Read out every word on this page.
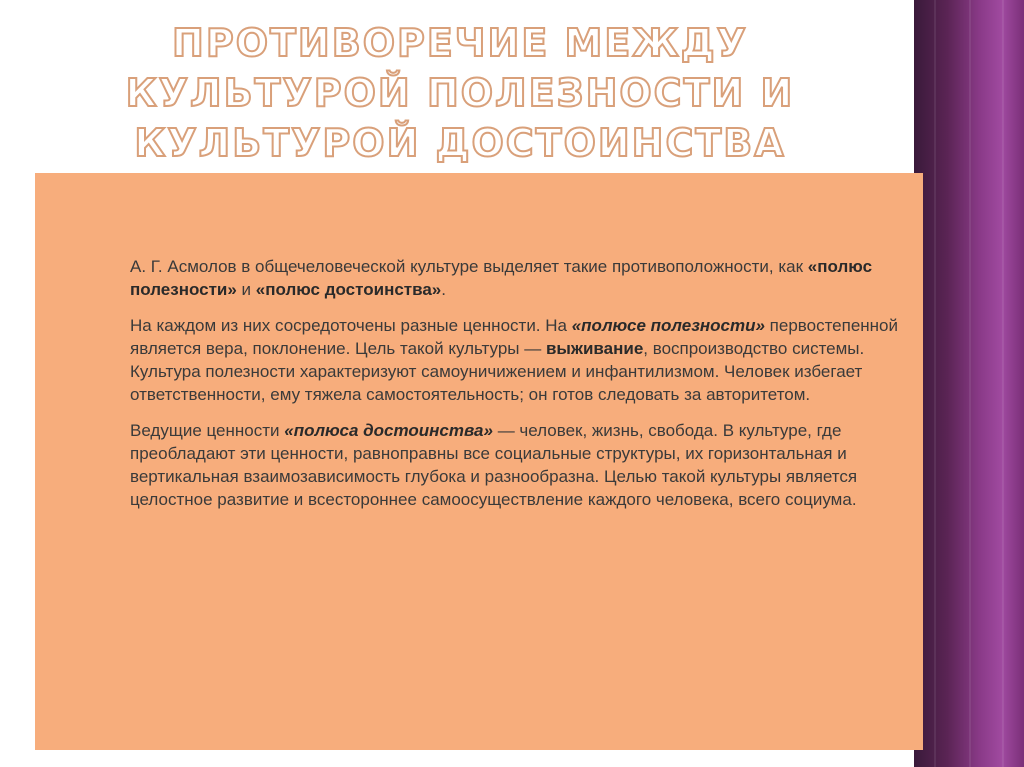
ПРОТИВОРЕЧИЕ МЕЖДУ КУЛЬТУРОЙ ПОЛЕЗНОСТИ И КУЛЬТУРОЙ ДОСТОИНСТВА

А. Г. Асмолов в общечеловеческой культуре выделяет такие противоположности, как «полюс полезности» и «полюс достоинства».

На каждом из них сосредоточены разные ценности. На «полюсе полезности» первостепенной является вера, поклонение. Цель такой культуры — выживание, воспроизводство системы. Культура полезности характеризуют самоуничижением и инфантилизмом. Человек избегает ответственности, ему тяжела самостоятельность; он готов следовать за авторитетом.

Ведущие ценности «полюса достоинства» — человек, жизнь, свобода. В культуре, где преобладают эти ценности, равноправны все социальные структуры, их горизонтальная и вертикальная взаимозависимость глубока и разнообразна. Целью такой культуры является целостное развитие и всестороннее самоосуществление каждого человека, всего социума.
